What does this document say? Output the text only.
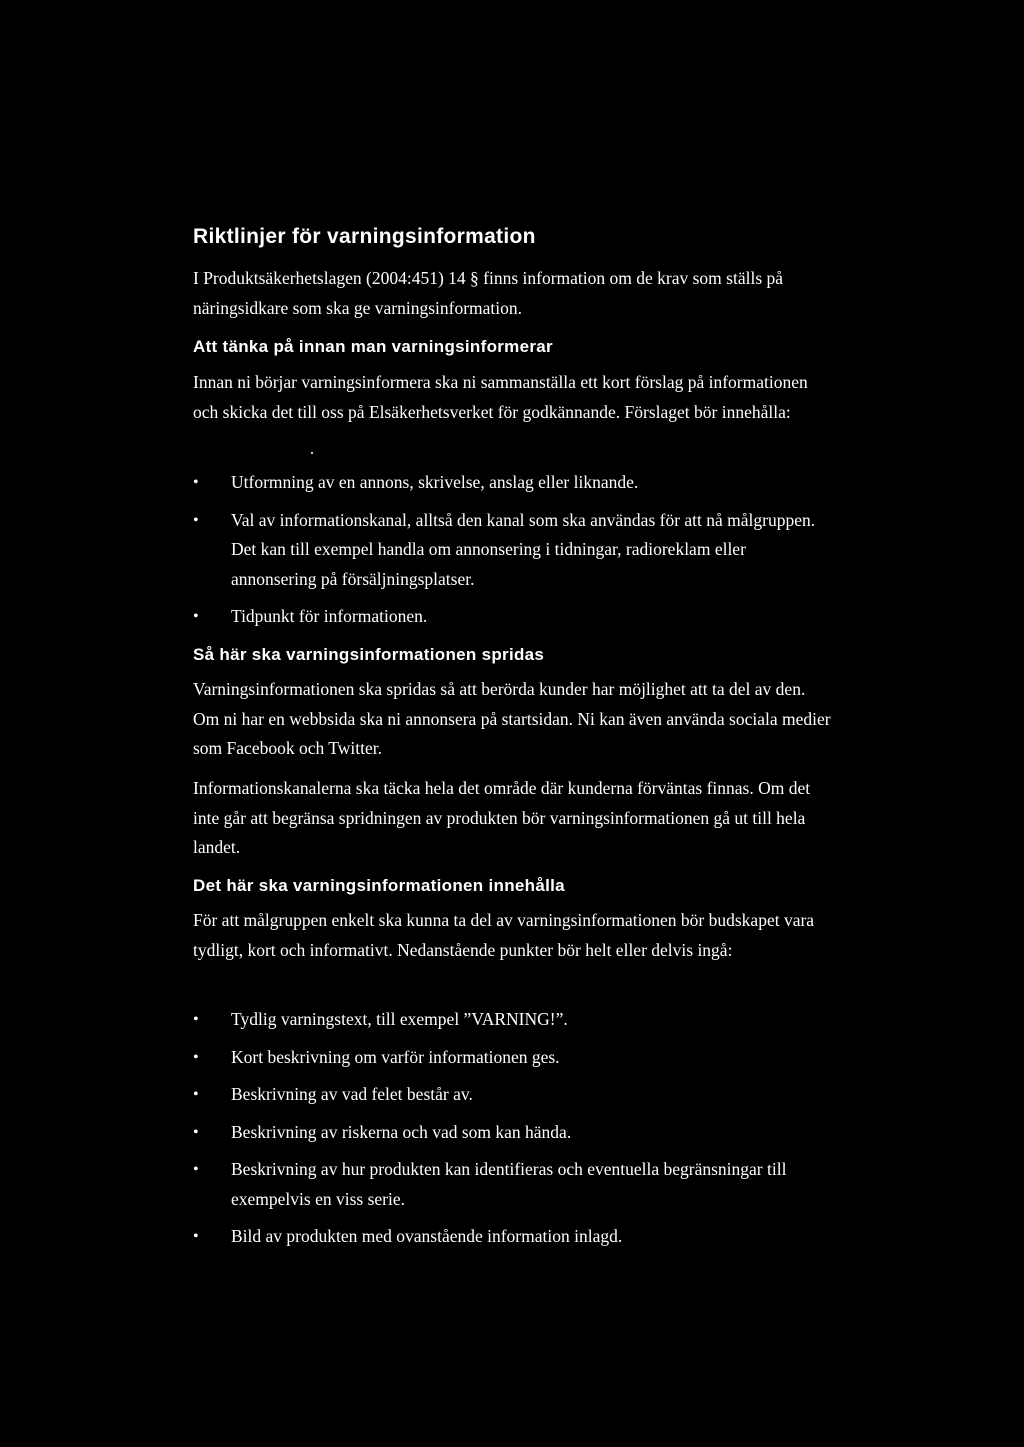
Riktlinjer för varningsinformation

I Produktsäkerhetslagen (2004:451) 14 § finns information om de krav som ställs på näringsidkare som ska ge varningsinformation.

Att tänka på innan man varningsinformerar

Innan ni börjar varningsinformera ska ni sammanställa ett kort förslag på informationen och skicka det till oss på Elsäkerhetsverket för godkännande. Förslaget bör innehålla:

• Utformning av en annons, skrivelse, anslag eller liknande.
• Val av informationskanal, alltså den kanal som ska användas för att nå målgruppen. Det kan till exempel handla om annonsering i tidningar, radioreklam eller annonsering på försäljningsplatser.
• Tidpunkt för informationen.
Så här ska varningsinformationen spridas

Varningsinformationen ska spridas så att berörda kunder har möjlighet att ta del av den. Om ni har en webbsida ska ni annonsera på startsidan. Ni kan även använda sociala medier som Facebook och Twitter.

Informationskanalerna ska täcka hela det område där kunderna förväntas finnas. Om det inte går att begränsa spridningen av produkten bör varningsinformationen gå ut till hela landet.

Det här ska varningsinformationen innehålla

För att målgruppen enkelt ska kunna ta del av varningsinformationen bör budskapet vara tydligt, kort och informativt. Nedanstående punkter bör helt eller delvis ingå:

• Tydlig varningstext, till exempel ”VARNING!”.
• Kort beskrivning om varför informationen ges.
• Beskrivning av vad felet består av.
• Beskrivning av riskerna och vad som kan hända.
• Beskrivning av hur produkten kan identifieras och eventuella begränsningar till exempelvis en viss serie.
• Bild av produkten med ovanstående information inlagd.
